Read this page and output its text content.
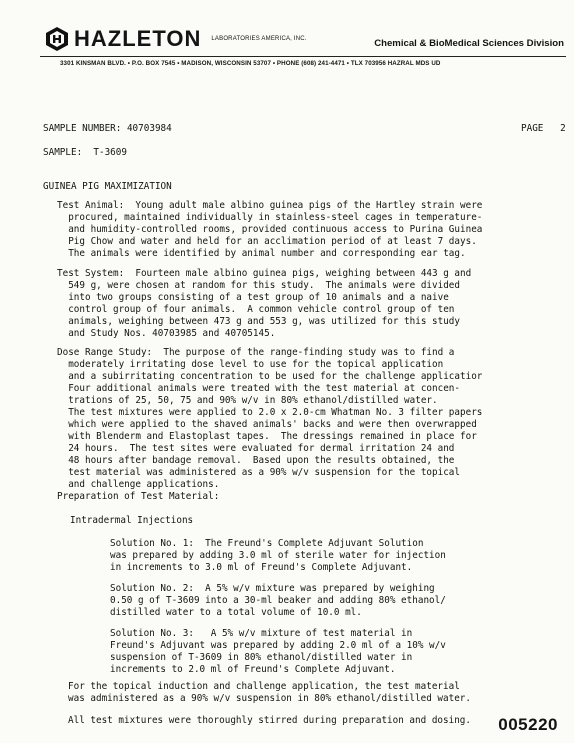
HAZLETON LABORATORIES AMERICA, INC.	Chemical & BioMedical Sciences Division
3301 KINSMAN BLVD. • P.O. BOX 7545 • MADISON, WISCONSIN 53707 • PHONE (608) 241-4471 • TLX 703956 HAZRAL MDS UD
SAMPLE NUMBER: 40703984	PAGE   2
SAMPLE:  T-3609
GUINEA PIG MAXIMIZATION
Test Animal:  Young adult male albino guinea pigs of the Hartley strain were
procured, maintained individually in stainless-steel cages in temperature-
and humidity-controlled rooms, provided continuous access to Purina Guinea
Pig Chow and water and held for an acclimation period of at least 7 days.
The animals were identified by animal number and corresponding ear tag.
Test System:  Fourteen male albino guinea pigs, weighing between 443 g and
549 g, were chosen at random for this study.  The animals were divided
into two groups consisting of a test group of 10 animals and a naive
control group of four animals.  A common vehicle control group of ten
animals, weighing between 473 g and 553 g, was utilized for this study
and Study Nos. 40703985 and 40705145.
Dose Range Study:  The purpose of the range-finding study was to find a
moderately irritating dose level to use for the topical application
and a subirritating concentration to be used for the challenge applicatior
Four additional animals were treated with the test material at concen-
trations of 25, 50, 75 and 90% w/v in 80% ethanol/distilled water.
The test mixtures were applied to 2.0 x 2.0-cm Whatman No. 3 filter papers
which were applied to the shaved animals' backs and were then overwrapped
with Blenderm and Elastoplast tapes.  The dressings remained in place for
24 hours.  The test sites were evaluated for dermal irritation 24 and
48 hours after bandage removal.  Based upon the results obtained, the
test material was administered as a 90% w/v suspension for the topical
and challenge applications.
Preparation of Test Material:
Intradermal Injections
Solution No. 1:  The Freund's Complete Adjuvant Solution
was prepared by adding 3.0 ml of sterile water for injection
in increments to 3.0 ml of Freund's Complete Adjuvant.
Solution No. 2:  A 5% w/v mixture was prepared by weighing
0.50 g of T-3609 into a 30-ml beaker and adding 80% ethanol/
distilled water to a total volume of 10.0 ml.
Solution No. 3:   A 5% w/v mixture of test material in
Freund's Adjuvant was prepared by adding 2.0 ml of a 10% w/v
suspension of T-3609 in 80% ethanol/distilled water in
increments to 2.0 ml of Freund's Complete Adjuvant.
For the topical induction and challenge application, the test material
was administered as a 90% w/v suspension in 80% ethanol/distilled water.
All test mixtures were thoroughly stirred during preparation and dosing. 005220
